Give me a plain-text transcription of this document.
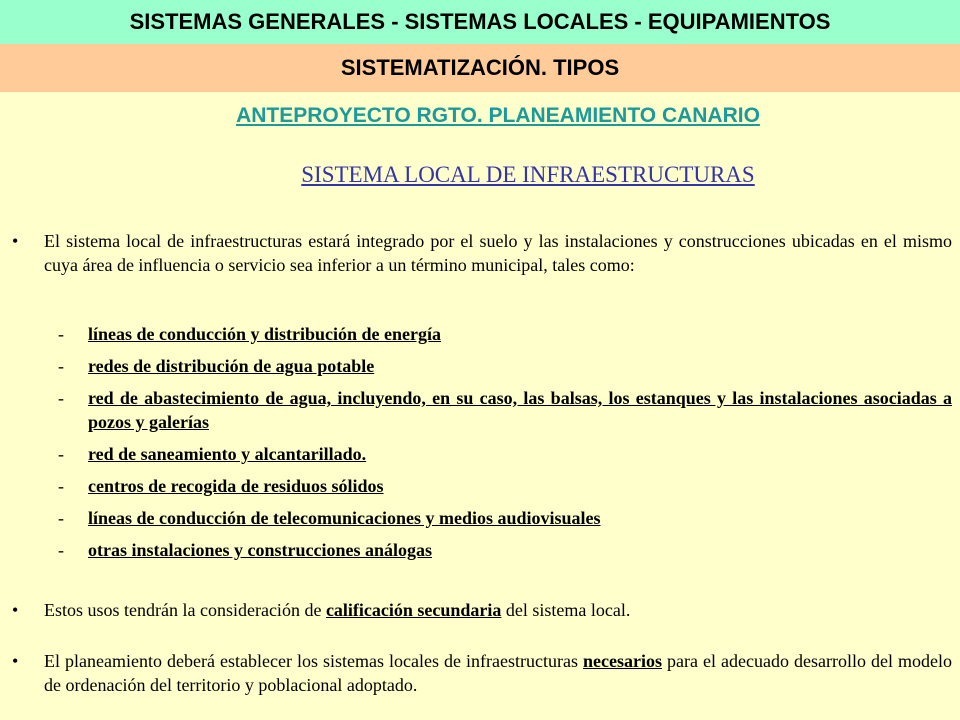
SISTEMAS GENERALES - SISTEMAS LOCALES - EQUIPAMIENTOS
SISTEMATIZACIÓN. TIPOS
ANTEPROYECTO RGTO. PLANEAMIENTO CANARIO
SISTEMA LOCAL DE INFRAESTRUCTURAS
• El sistema local de infraestructuras estará integrado por el suelo y las instalaciones y construcciones ubicadas en el mismo cuya área de influencia o servicio sea inferior a un término municipal, tales como:
- líneas de conducción y distribución de energía
- redes de distribución de agua potable
- red de abastecimiento de agua, incluyendo, en su caso, las balsas, los estanques y las instalaciones asociadas a pozos y galerías
- red de saneamiento y alcantarillado.
- centros de recogida de residuos sólidos
- líneas de conducción de telecomunicaciones y medios audiovisuales
- otras instalaciones y construcciones análogas
• Estos usos tendrán la consideración de calificación secundaria del sistema local.
• El planeamiento deberá establecer los sistemas locales de infraestructuras necesarios para el adecuado desarrollo del modelo de ordenación del territorio y poblacional adoptado.
